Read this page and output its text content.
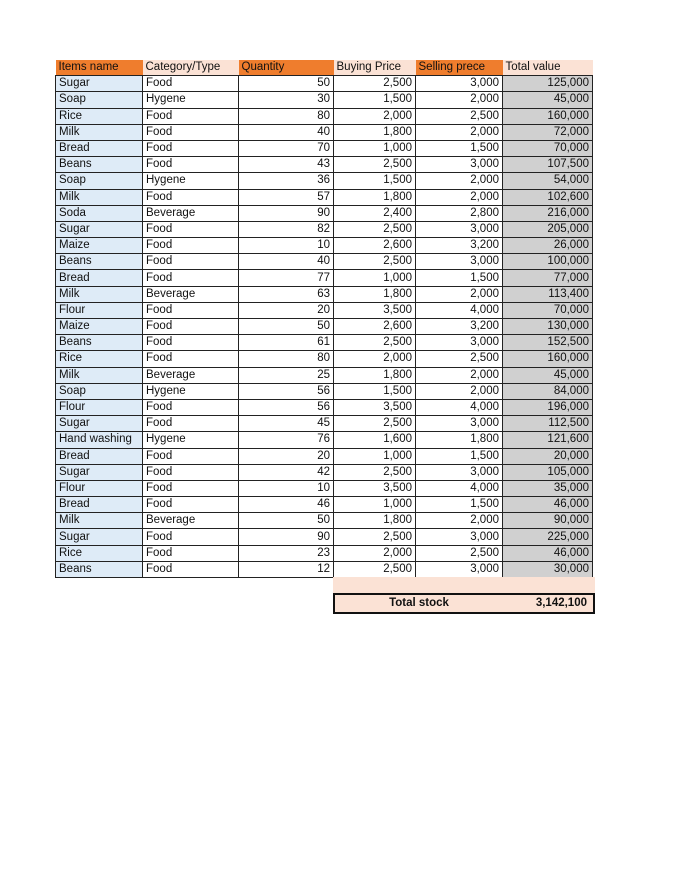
Items name	Category/Type	Quantity	Buying Price	Selling prece	Total value
Sugar	Food	50	2,500	3,000	125,000
Soap	Hygene	30	1,500	2,000	45,000
Rice	Food	80	2,000	2,500	160,000
Milk	Food	40	1,800	2,000	72,000
Bread	Food	70	1,000	1,500	70,000
Beans	Food	43	2,500	3,000	107,500
Soap	Hygene	36	1,500	2,000	54,000
Milk	Food	57	1,800	2,000	102,600
Soda	Beverage	90	2,400	2,800	216,000
Sugar	Food	82	2,500	3,000	205,000
Maize	Food	10	2,600	3,200	26,000
Beans	Food	40	2,500	3,000	100,000
Bread	Food	77	1,000	1,500	77,000
Milk	Beverage	63	1,800	2,000	113,400
Flour	Food	20	3,500	4,000	70,000
Maize	Food	50	2,600	3,200	130,000
Beans	Food	61	2,500	3,000	152,500
Rice	Food	80	2,000	2,500	160,000
Milk	Beverage	25	1,800	2,000	45,000
Soap	Hygene	56	1,500	2,000	84,000
Flour	Food	56	3,500	4,000	196,000
Sugar	Food	45	2,500	3,000	112,500
Hand washing	Hygene	76	1,600	1,800	121,600
Bread	Food	20	1,000	1,500	20,000
Sugar	Food	42	2,500	3,000	105,000
Flour	Food	10	3,500	4,000	35,000
Bread	Food	46	1,000	1,500	46,000
Milk	Beverage	50	1,800	2,000	90,000
Sugar	Food	90	2,500	3,000	225,000
Rice	Food	23	2,000	2,500	46,000
Beans	Food	12	2,500	3,000	30,000
Total stock	3,142,100
